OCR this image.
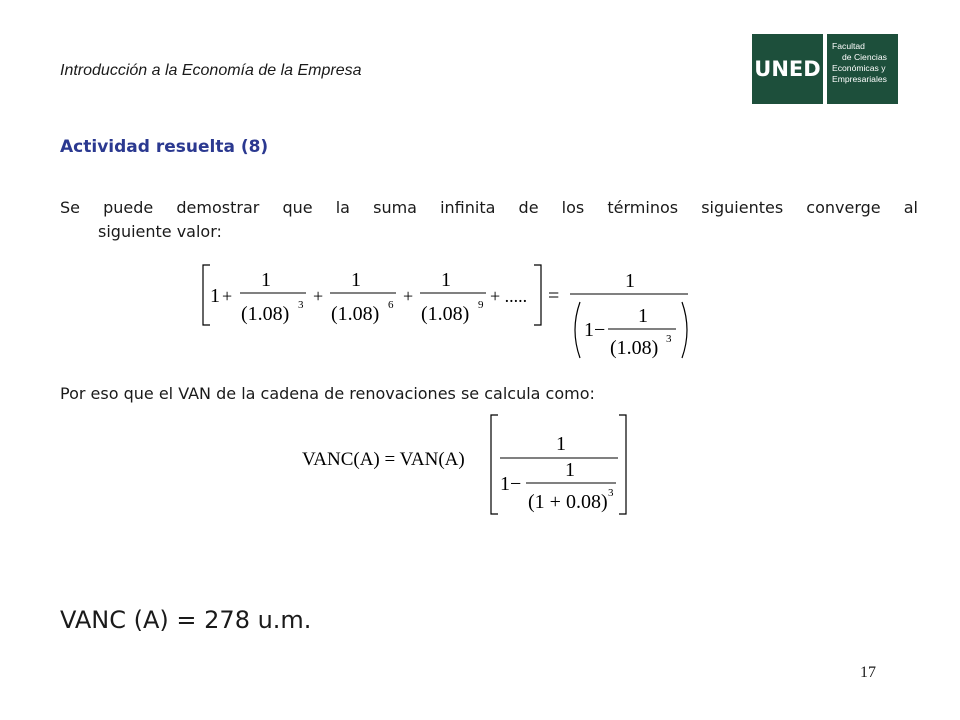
Introducción a la Economía de la Empresa	UNED
Facultad
de Ciencias
Económicas y
Empresariales
Actividad resuelta (8)
Se puede demostrar que la suma infinita de los términos siguientes converge al
siguiente valor:
1 +
1
(1.08) 3 +
1
(1.08) 6 +
1
(1.08) 9 + ..... =
1
1−
1
(1.08) 3
VANC(A) = VAN(A)
1
1−
1
(1 + 0.08) 3
Por eso que el VAN de la cadena de renovaciones se calcula como:
VANC (A) = 278 u.m.
17
